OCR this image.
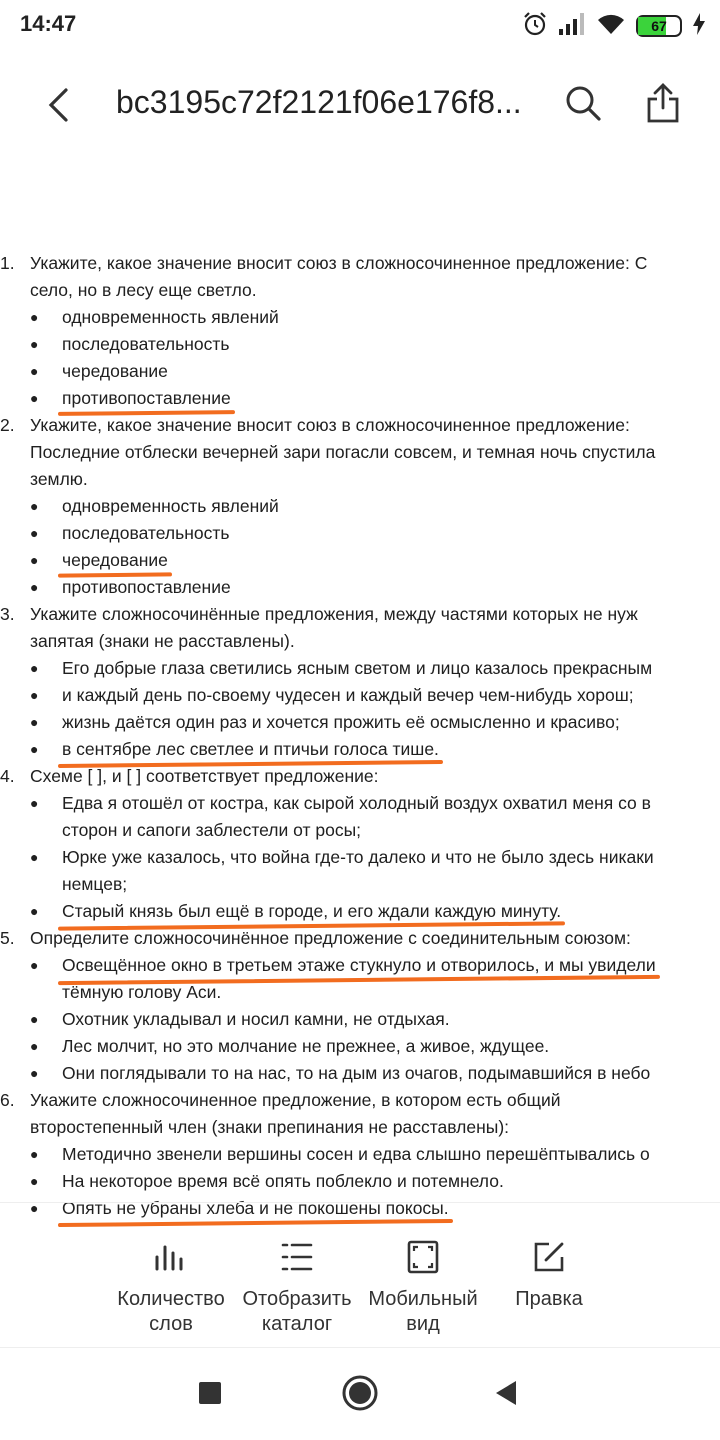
14:47	67
bc3195c72f2121f06e176f8...
1. Укажите, какое значение вносит союз в сложносочиненное предложение: С
село, но в лесу еще светло.
● одновременность явлений
● последовательность
● чередование
● противопоставление
2. Укажите, какое значение вносит союз в сложносочиненное предложение:
Последние отблески вечерней зари погасли совсем, и темная ночь спустила
землю.
● одновременность явлений
● последовательность
● чередование
● противопоставление
3. Укажите сложносочинённые предложения, между частями которых не нуж
запятая (знаки не расставлены).
● Его добрые глаза светились ясным светом и лицо казалось прекрасным
● и каждый день по-своему чудесен и каждый вечер чем-нибудь хорош;
● жизнь даётся один раз и хочется прожить её осмысленно и красиво;
● в сентябре лес светлее и птичьи голоса тише.
4. Схеме [ ], и [ ] соответствует предложение:
● Едва я отошёл от костра, как сырой холодный воздух охватил меня со в
сторон и сапоги заблестели от росы;
● Юрке уже казалось, что война где-то далеко и что не было здесь никаки
немцев;
● Старый князь был ещё в городе, и его ждали каждую минуту.
5. Определите сложносочинённое предложение с соединительным союзом:
● Освещённое окно в третьем этаже стукнуло и отворилось, и мы увидели
тёмную голову Аси.
● Охотник укладывал и носил камни, не отдыхая.
● Лес молчит, но это молчание не прежнее, а живое, ждущее.
● Они поглядывали то на нас, то на дым из очагов, подымавшийся в небо
6. Укажите сложносочиненное предложение, в котором есть общий
второстепенный член (знаки препинания не расставлены):
● Методично звенели вершины сосен и едва слышно перешёптывались о
● На некоторое время всё опять поблекло и потемнело.
● Опять не убраны хлеба и не покошены покосы.
Количество
слов
Отобразить
каталог
Мобильный
вид
Правка
